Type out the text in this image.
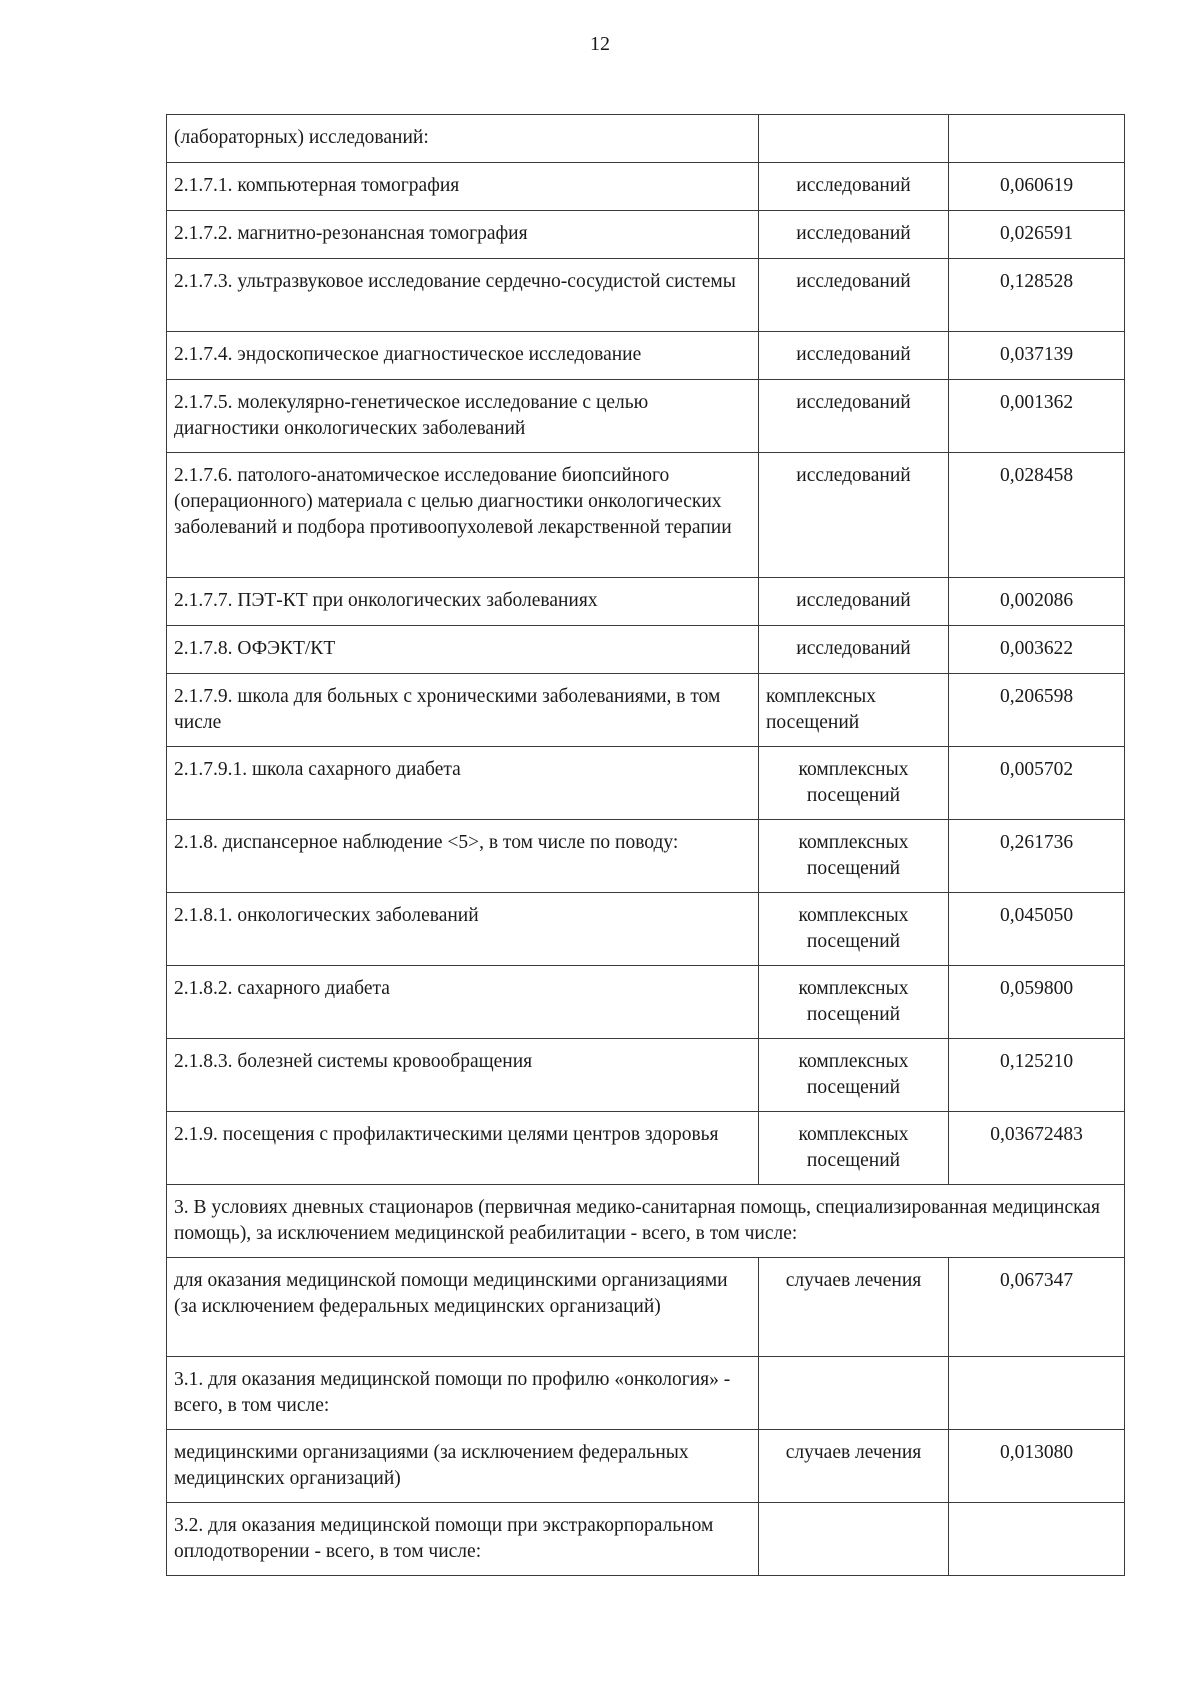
12
(лабораторных) исследований:		
2.1.7.1. компьютерная томография	исследований	0,060619
2.1.7.2. магнитно-резонансная томография	исследований	0,026591
2.1.7.3. ультразвуковое исследование сердечно-сосудистой системы	исследований	0,128528
2.1.7.4. эндоскопическое диагностическое исследование	исследований	0,037139
2.1.7.5. молекулярно-генетическое исследование с целью диагностики онкологических заболеваний	исследований	0,001362
2.1.7.6. патолого-анатомическое исследование биопсийного (операционного) материала с целью диагностики онкологических заболеваний и подбора противоопухолевой лекарственной терапии	исследований	0,028458
2.1.7.7. ПЭТ-КТ при онкологических заболеваниях	исследований	0,002086
2.1.7.8. ОФЭКТ/КТ	исследований	0,003622
2.1.7.9. школа для больных с хроническими заболеваниями, в том числе	комплексных посещений	0,206598
2.1.7.9.1. школа сахарного диабета	комплексных посещений	0,005702
2.1.8. диспансерное наблюдение <5>, в том числе по поводу:	комплексных посещений	0,261736
2.1.8.1. онкологических заболеваний	комплексных посещений	0,045050
2.1.8.2. сахарного диабета	комплексных посещений	0,059800
2.1.8.3. болезней системы кровообращения	комплексных посещений	0,125210
2.1.9. посещения с профилактическими целями центров здоровья	комплексных посещений	0,03672483
3. В условиях дневных стационаров (первичная медико-санитарная помощь, специализированная медицинская помощь), за исключением медицинской реабилитации - всего, в том числе:		
для оказания медицинской помощи медицинскими организациями (за исключением федеральных медицинских организаций)	случаев лечения	0,067347
3.1. для оказания медицинской помощи по профилю «онкология» - всего, в том числе:		
медицинскими организациями (за исключением федеральных медицинских организаций)	случаев лечения	0,013080
3.2. для оказания медицинской помощи при экстракорпоральном оплодотворении - всего, в том числе:		
